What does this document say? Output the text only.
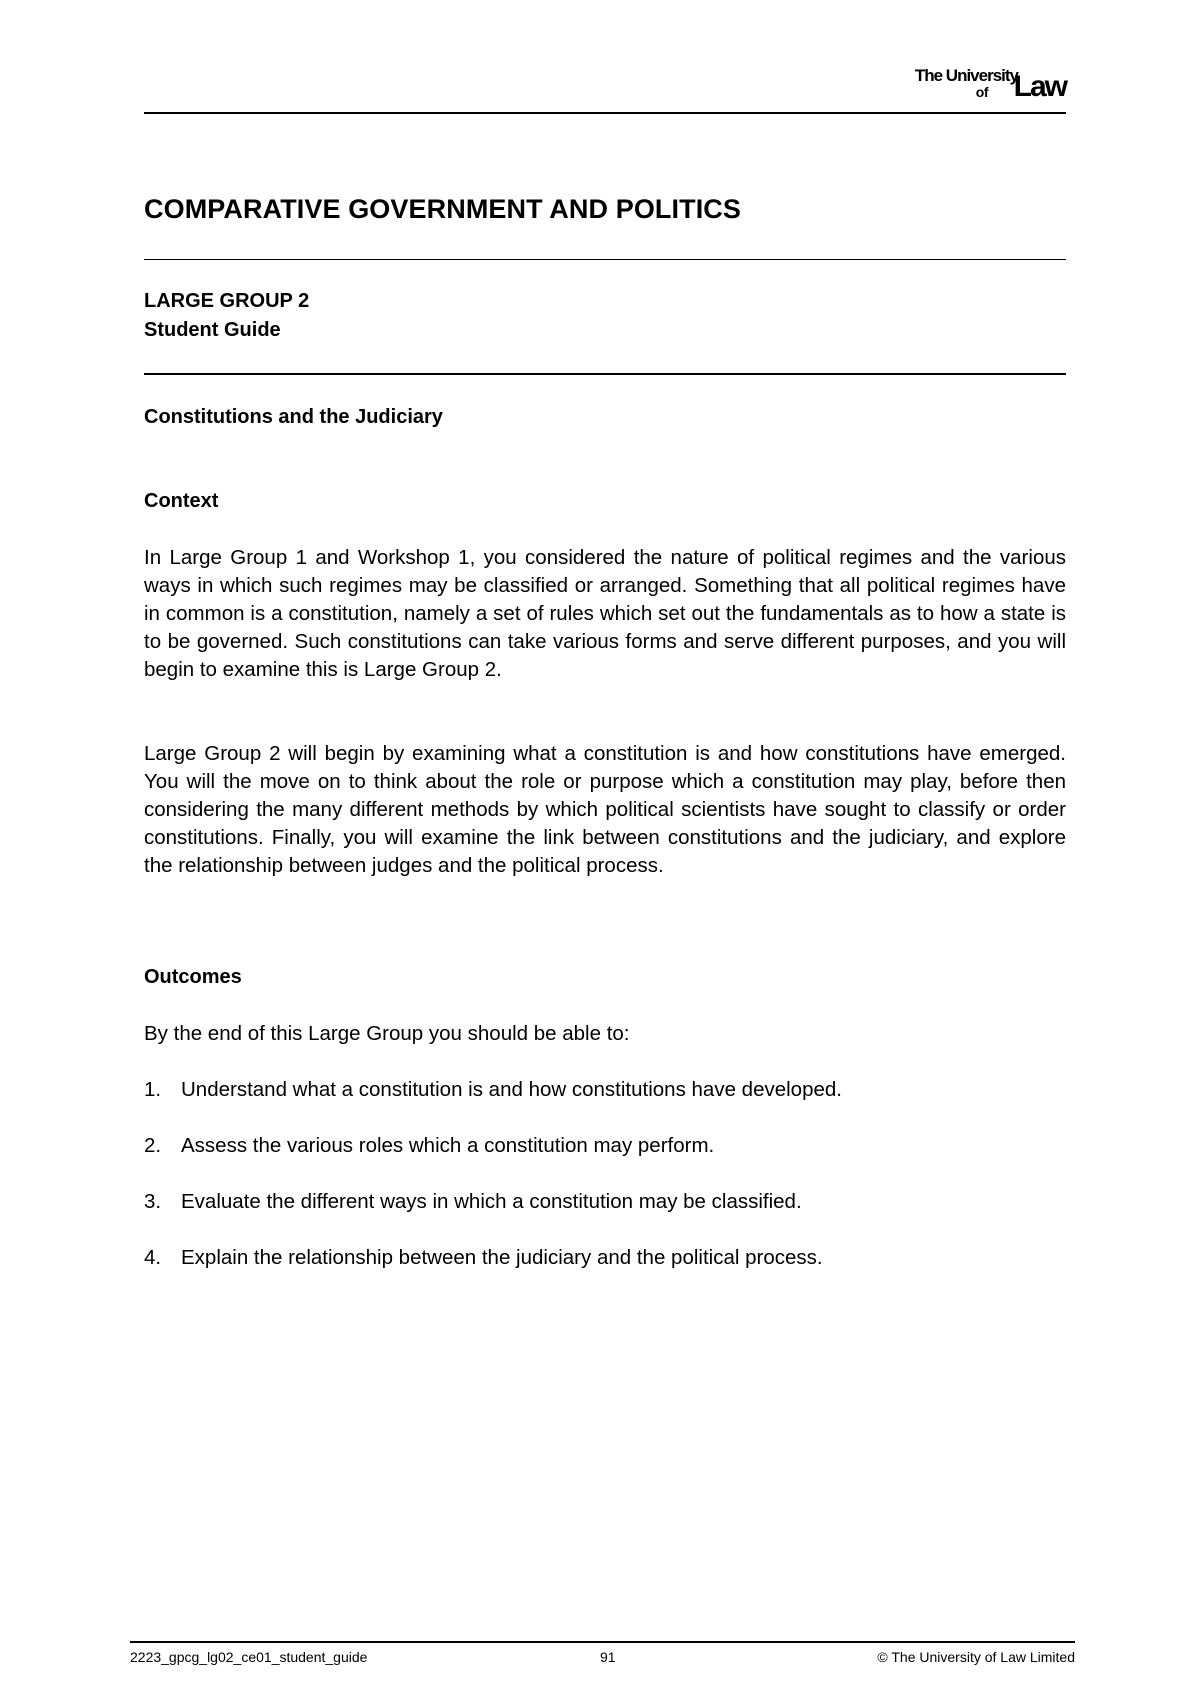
The University
of Law
COMPARATIVE GOVERNMENT AND POLITICS
LARGE GROUP 2
Student Guide
Constitutions and the Judiciary
Context

In Large Group 1 and Workshop 1, you considered the nature of political regimes and the various ways in which such regimes may be classified or arranged. Something that all political regimes have in common is a constitution, namely a set of rules which set out the fundamentals as to how a state is to be governed. Such constitutions can take various forms and serve different purposes, and you will begin to examine this is Large Group 2.

Large Group 2 will begin by examining what a constitution is and how constitutions have emerged. You will the move on to think about the role or purpose which a constitution may play, before then considering the many different methods by which political scientists have sought to classify or order constitutions. Finally, you will examine the link between constitutions and the judiciary, and explore the relationship between judges and the political process.

Outcomes

By the end of this Large Group you should be able to:

1. Understand what a constitution is and how constitutions have developed.
2. Assess the various roles which a constitution may perform.
3. Evaluate the different ways in which a constitution may be classified.
4. Explain the relationship between the judiciary and the political process.
2223_gpcg_lg02_ce01_student_guide	91	© The University of Law Limited
